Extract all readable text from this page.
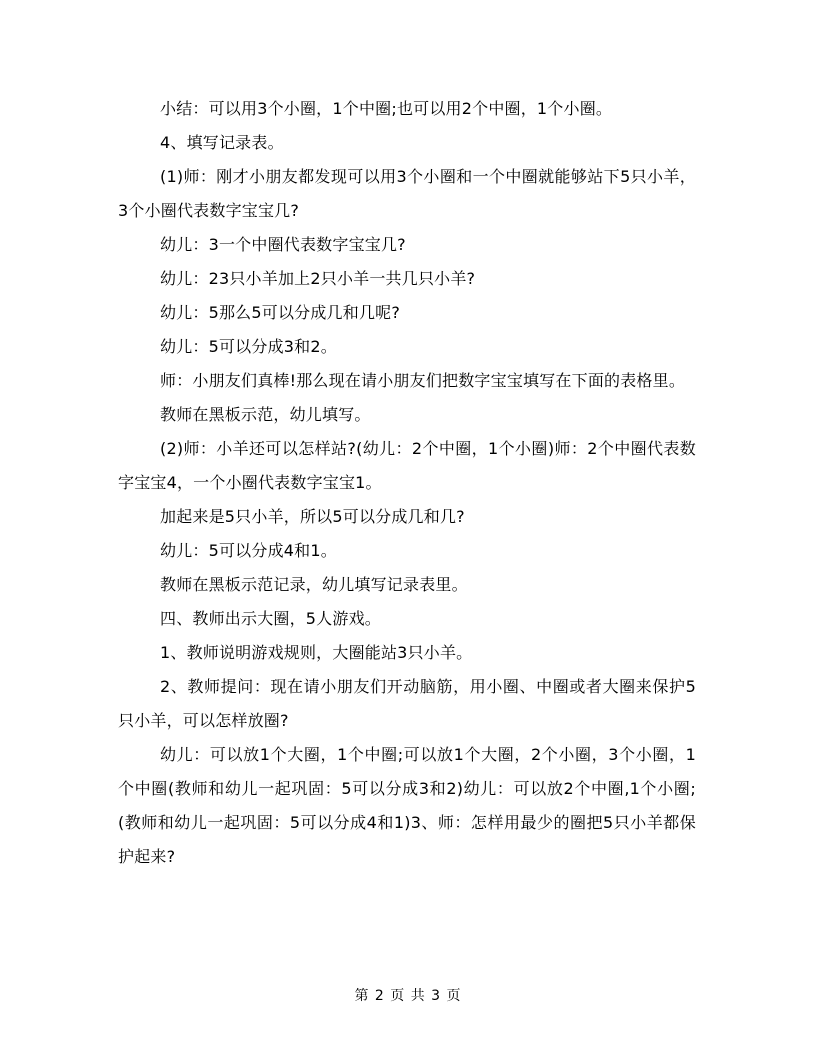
小结：可以用3个小圈，1个中圈;也可以用2个中圈，1个小圈。

4、填写记录表。

(1)师：刚才小朋友都发现可以用3个小圈和一个中圈就能够站下5只小羊，3个小圈代表数字宝宝几?

幼儿：3一个中圈代表数字宝宝几?

幼儿：23只小羊加上2只小羊一共几只小羊?

幼儿：5那么5可以分成几和几呢?

幼儿：5可以分成3和2。

师：小朋友们真棒!那么现在请小朋友们把数字宝宝填写在下面的表格里。

教师在黑板示范，幼儿填写。

(2)师：小羊还可以怎样站?(幼儿：2个中圈，1个小圈)师：2个中圈代表数字宝宝4，一个小圈代表数字宝宝1。

加起来是5只小羊，所以5可以分成几和几?

幼儿：5可以分成4和1。

教师在黑板示范记录，幼儿填写记录表里。

四、教师出示大圈，5人游戏。

1、教师说明游戏规则，大圈能站3只小羊。

2、教师提问：现在请小朋友们开动脑筋，用小圈、中圈或者大圈来保护5只小羊，可以怎样放圈?

幼儿：可以放1个大圈，1个中圈;可以放1个大圈，2个小圈，3个小圈，1个中圈(教师和幼儿一起巩固：5可以分成3和2)幼儿：可以放2个中圈,1个小圈;(教师和幼儿一起巩固：5可以分成4和1)3、师：怎样用最少的圈把5只小羊都保护起来?

第 2 页 共 3 页
